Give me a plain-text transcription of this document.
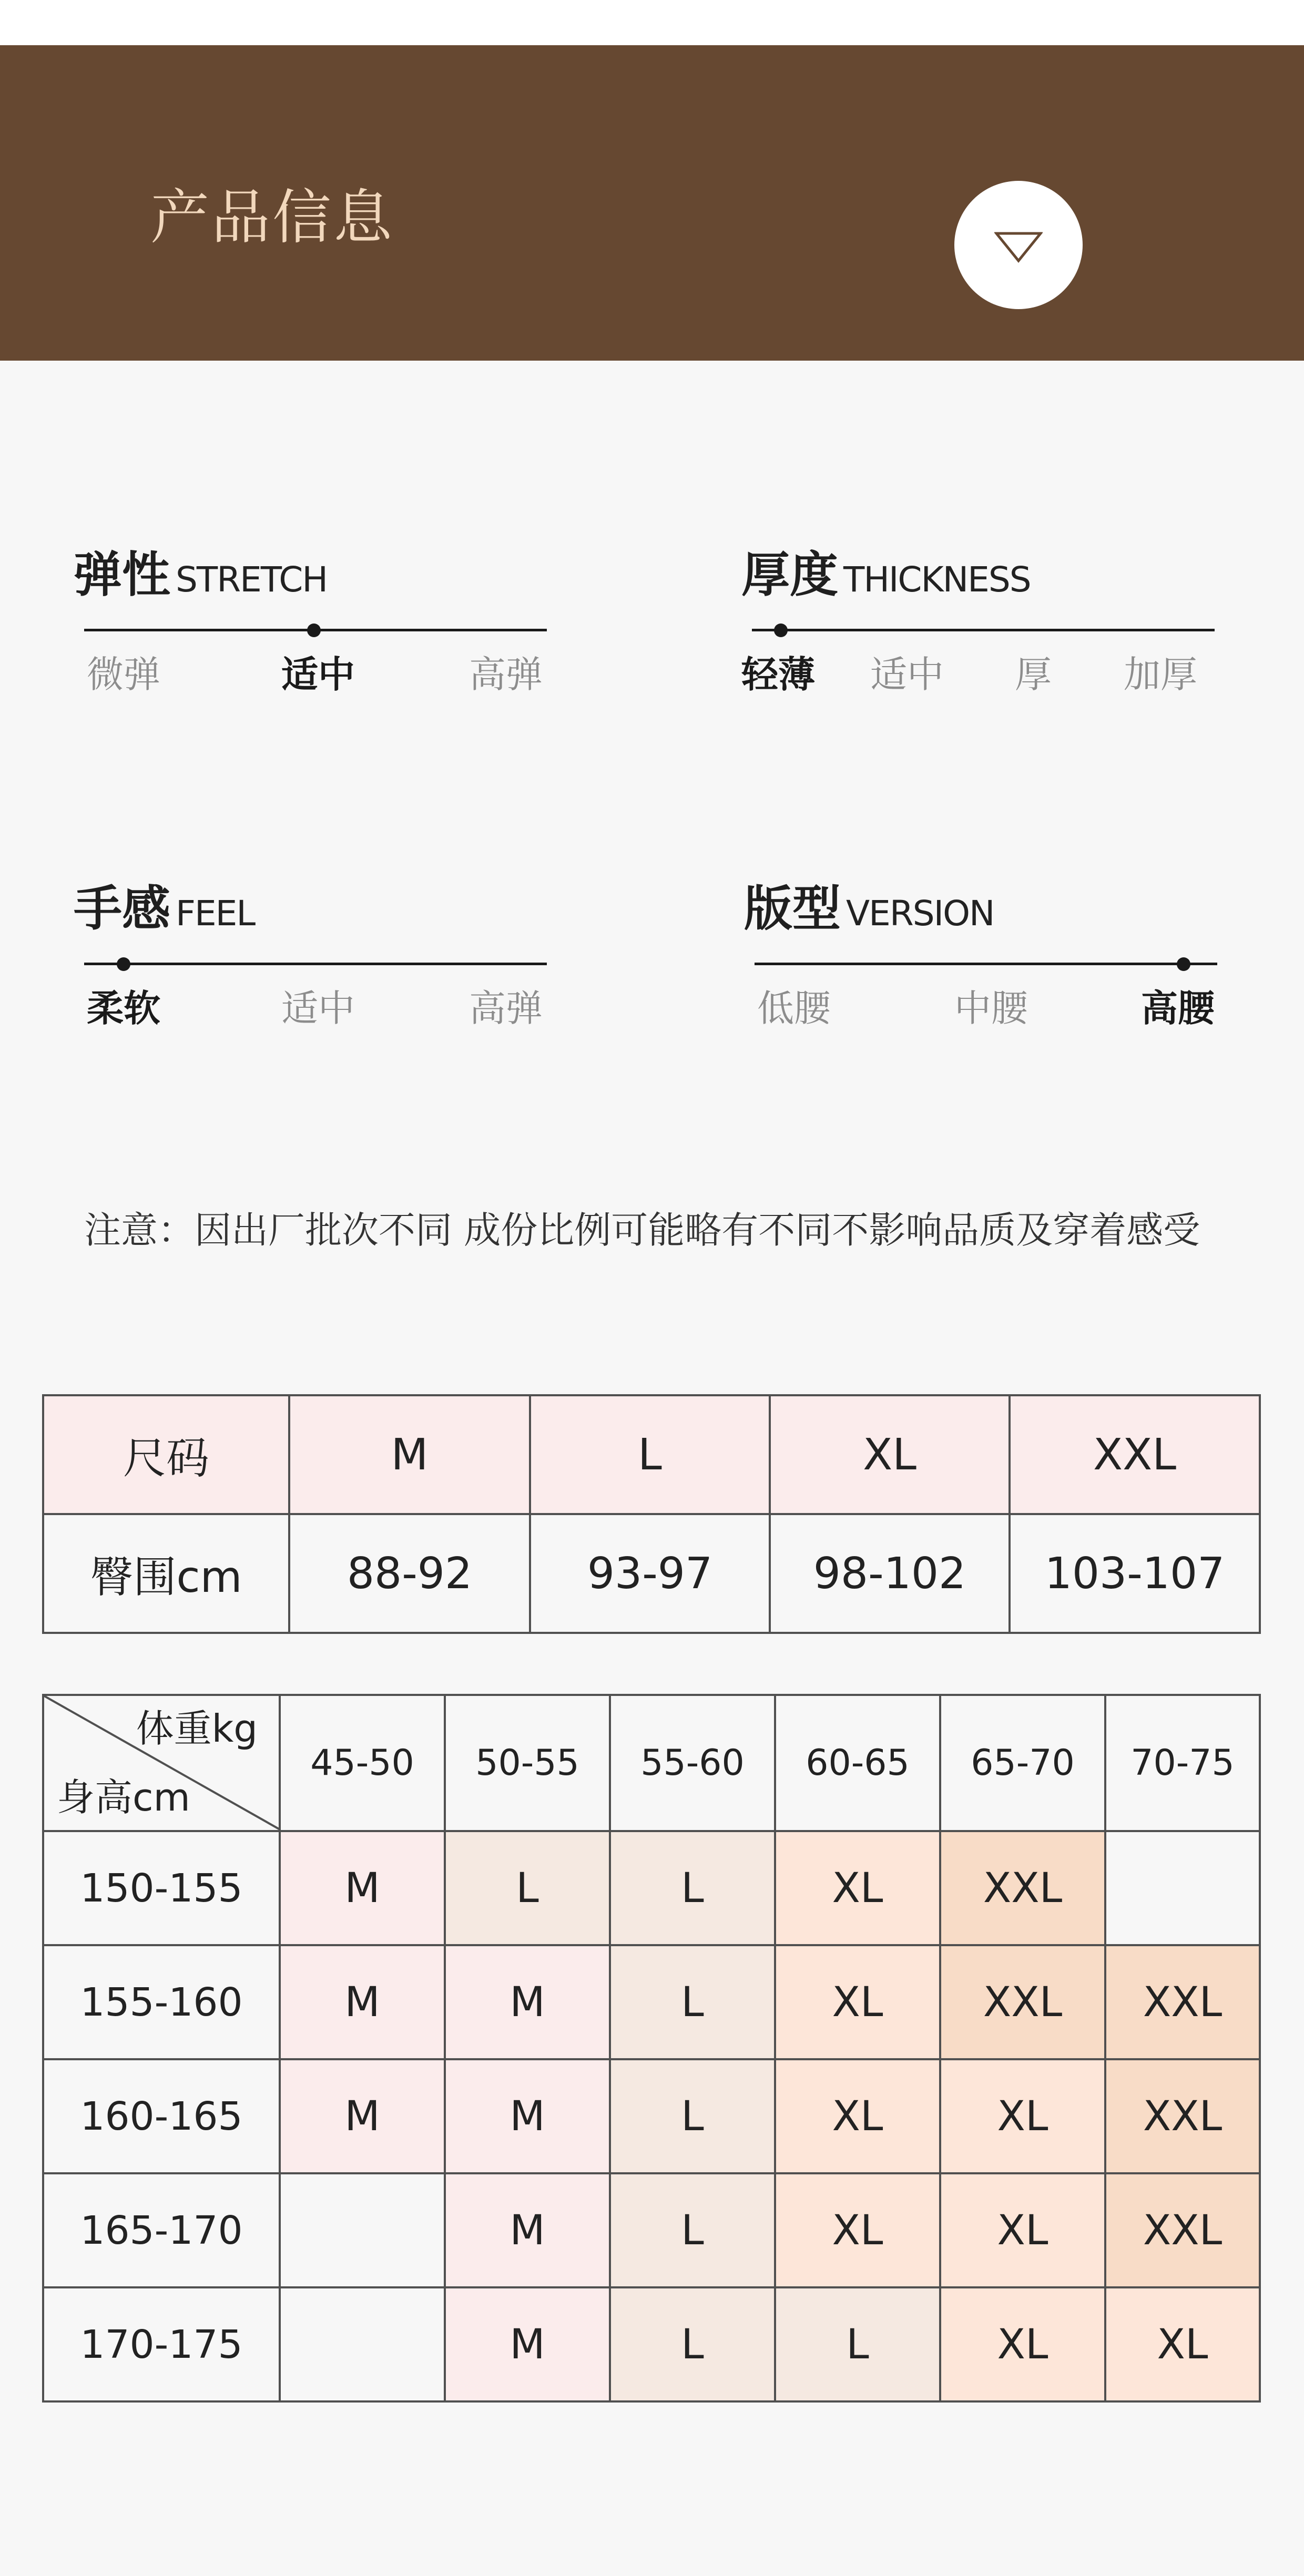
产品信息
弹性 STRETCH
微弹	适中	高弹
厚度 THICKNESS
轻薄 适中 厚 加厚
手感 FEEL
柔软	适中	高弹
版型 VERSION
低腰	中腰	高腰
注意：因出厂批次不同 成份比例可能略有不同不影响品质及穿着感受
尺码	M	L	XL	XXL
臀围cm	88-92	93-97	98-102	103-107
体重kg
身高cm	45-50	50-55	55-60	60-65	65-70	70-75
150-155	M	L	L	XL	XXL	
155-160	M	M	L	XL	XXL	XXL
160-165	M	M	L	XL	XL	XXL
165-170		M	L	XL	XL	XXL
170-175		M	L	L	XL	XL
